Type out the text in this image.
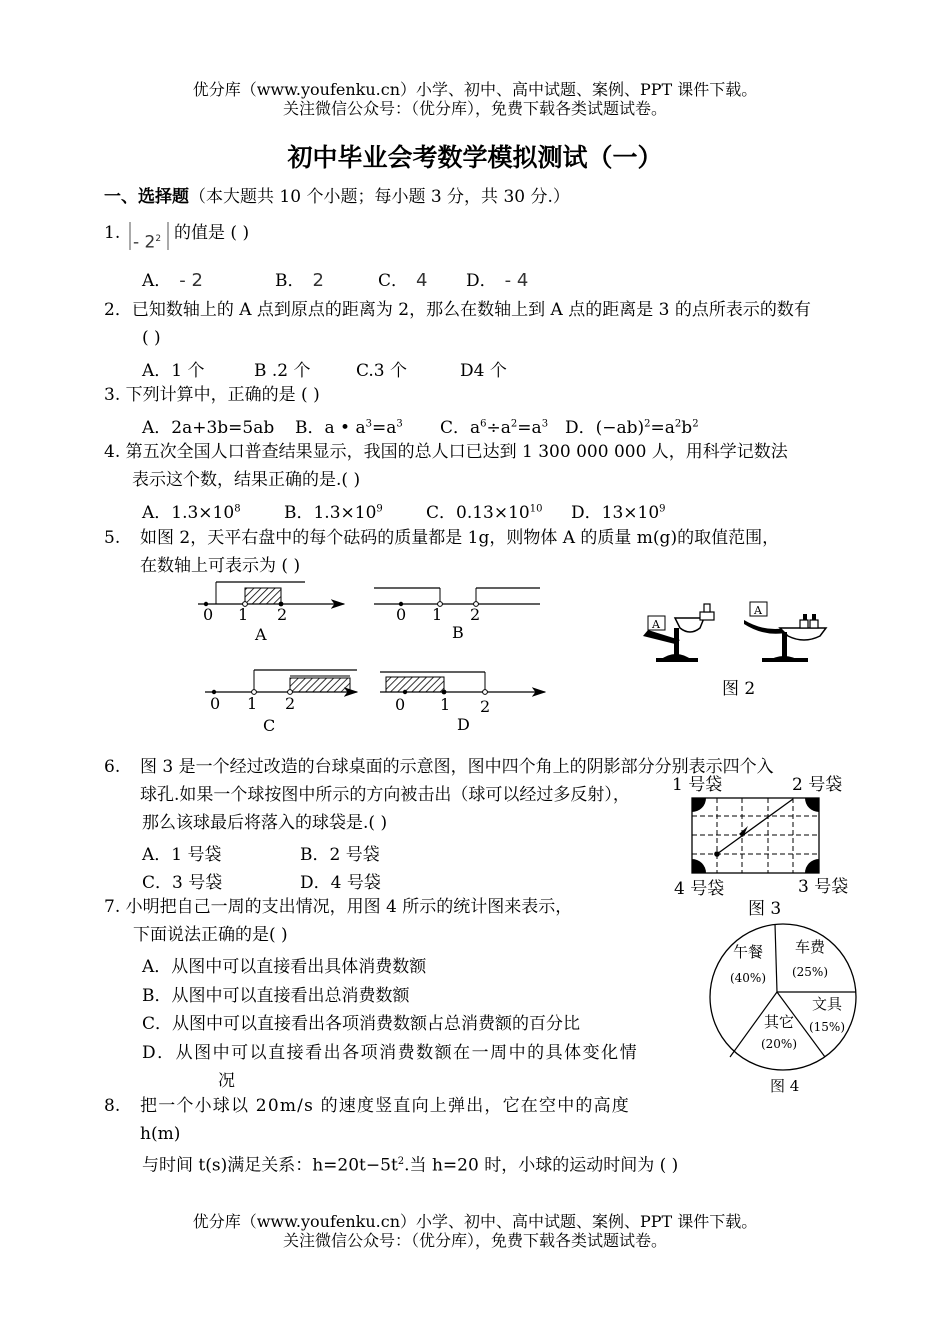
优分库（www.youfenku.cn）小学、初中、高中试题、案例、PPT 课件下载。
关注微信公众号：（优分库），免费下载各类试题试卷。
初中毕业会考数学模拟测试（一）
一、选择题（本大题共 10 个小题；每小题 3 分，共 30 分.）
1. - $2^2$ 的值是 ( )
A． - 2	B． 2	C． 4 D． - 4
2．已知数轴上的 A 点到原点的距离为 2，那么在数轴上到 A 点的距离是 3 的点所表示的数有
( )
A．1 个	B .2 个	C.3 个	D4 个
3. 下列计算中，正确的是 ( )
A．2a+3b=5ab B．a • $a^3=a^3$ C．$a^6\div a^2=a^3$ D．$(-ab)^2=a^2b^2$
4. 第五次全国人口普查结果显示，我国的总人口已达到 1 300 000 000 人，用科学记数法
表示这个数，结果正确的是.( )
A．$1.3\times 10^8$	B．$1.3\times 10^9$	C．$0.13\times 10^{10}$ D．$13\times 10^9$
5. 如图 2，天平右盘中的每个砝码的质量都是 1g，则物体 A 的质量 m(g)的取值范围，
在数轴上可表示为 ( )
0 1 2
A
0 1 2
B
0 1 2
C
0 1 2
D
A
A
图 2
6. 图 3 是一个经过改造的台球桌面的示意图，图中四个角上的阴影部分分别表示四个入
球孔.如果一个球按图中所示的方向被击出（球可以经过多反射），
那么该球最后将落入的球袋是.( )
A．1 号袋	B．2 号袋
C．3 号袋	D．4 号袋
1 号袋	2 号袋
4 号袋	3 号袋
图 3
7. 小明把自己一周的支出情况，用图 4 所示的统计图来表示，
下面说法正确的是( )
A．从图中可以直接看出具体消费数额
B．从图中可以直接看出总消费数额
C．从图中可以直接看出各项消费数额占总消费额的百分比
D．从图中可以直接看出各项消费数额在一周中的具体变化情
况
午餐
(40%)
车费
(25%)
文具
(15%)
其它
(20%)
图 4
8. 把一个小球以 20m/s 的速度竖直向上弹出，它在空中的高度
h(m)
与时间 t(s)满足关系：$h=20t-5t^2$.当 h=20 时，小球的运动时间为 ( )
优分库（www.youfenku.cn）小学、初中、高中试题、案例、PPT 课件下载。
关注微信公众号：（优分库），免费下载各类试题试卷。
